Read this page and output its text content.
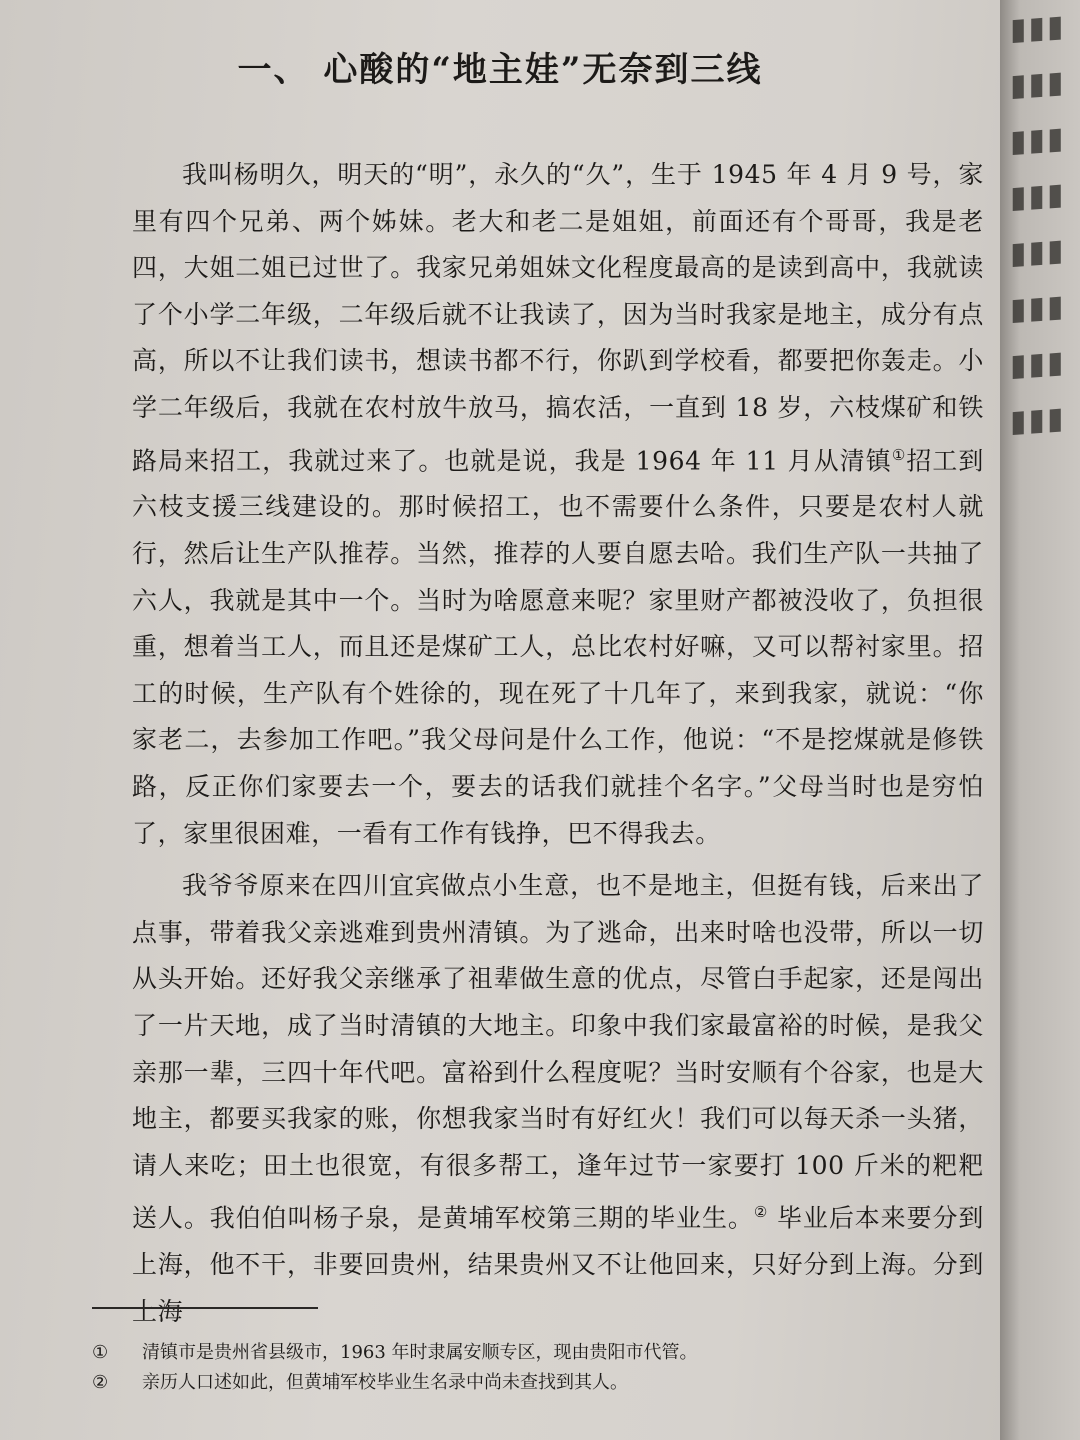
一、 心酸的“地主娃”无奈到三线

我叫杨明久，明天的“明”，永久的“久”，生于 1945 年 4 月 9 号，家里有四个兄弟、两个姊妹。老大和老二是姐姐，前面还有个哥哥，我是老四，大姐二姐已过世了。我家兄弟姐妹文化程度最高的是读到高中，我就读了个小学二年级，二年级后就不让我读了，因为当时我家是地主，成分有点高，所以不让我们读书，想读书都不行，你趴到学校看，都要把你轰走。小学二年级后，我就在农村放牛放马，搞农活，一直到 18 岁，六枝煤矿和铁路局来招工，我就过来了。也就是说，我是 1964 年 11 月从清镇①招工到六枝支援三线建设的。那时候招工，也不需要什么条件，只要是农村人就行，然后让生产队推荐。当然，推荐的人要自愿去哈。我们生产队一共抽了六人，我就是其中一个。当时为啥愿意来呢？家里财产都被没收了，负担很重，想着当工人，而且还是煤矿工人，总比农村好嘛，又可以帮衬家里。招工的时候，生产队有个姓徐的，现在死了十几年了，来到我家，就说：“你家老二，去参加工作吧。”我父母问是什么工作，他说：“不是挖煤就是修铁路，反正你们家要去一个，要去的话我们就挂个名字。”父母当时也是穷怕了，家里很困难，一看有工作有钱挣，巴不得我去。

我爷爷原来在四川宜宾做点小生意，也不是地主，但挺有钱，后来出了点事，带着我父亲逃难到贵州清镇。为了逃命，出来时啥也没带，所以一切从头开始。还好我父亲继承了祖辈做生意的优点，尽管白手起家，还是闯出了一片天地，成了当时清镇的大地主。印象中我们家最富裕的时候，是我父亲那一辈，三四十年代吧。富裕到什么程度呢？当时安顺有个谷家，也是大地主，都要买我家的账，你想我家当时有好红火！我们可以每天杀一头猪，请人来吃；田土也很宽，有很多帮工，逢年过节一家要打 100 斤米的粑粑送人。我伯伯叫杨子泉，是黄埔军校第三期的毕业生。② 毕业后本来要分到上海，他不干，非要回贵州，结果贵州又不让他回来，只好分到上海。分到上海

①	清镇市是贵州省县级市，1963 年时隶属安顺专区，现由贵阳市代管。
②	亲历人口述如此，但黄埔军校毕业生名录中尚未查找到其人。
▮▮▮▮▮▮▮▮▮▮▮▮▮▮▮▮▮▮▮▮▮▮▮▮
